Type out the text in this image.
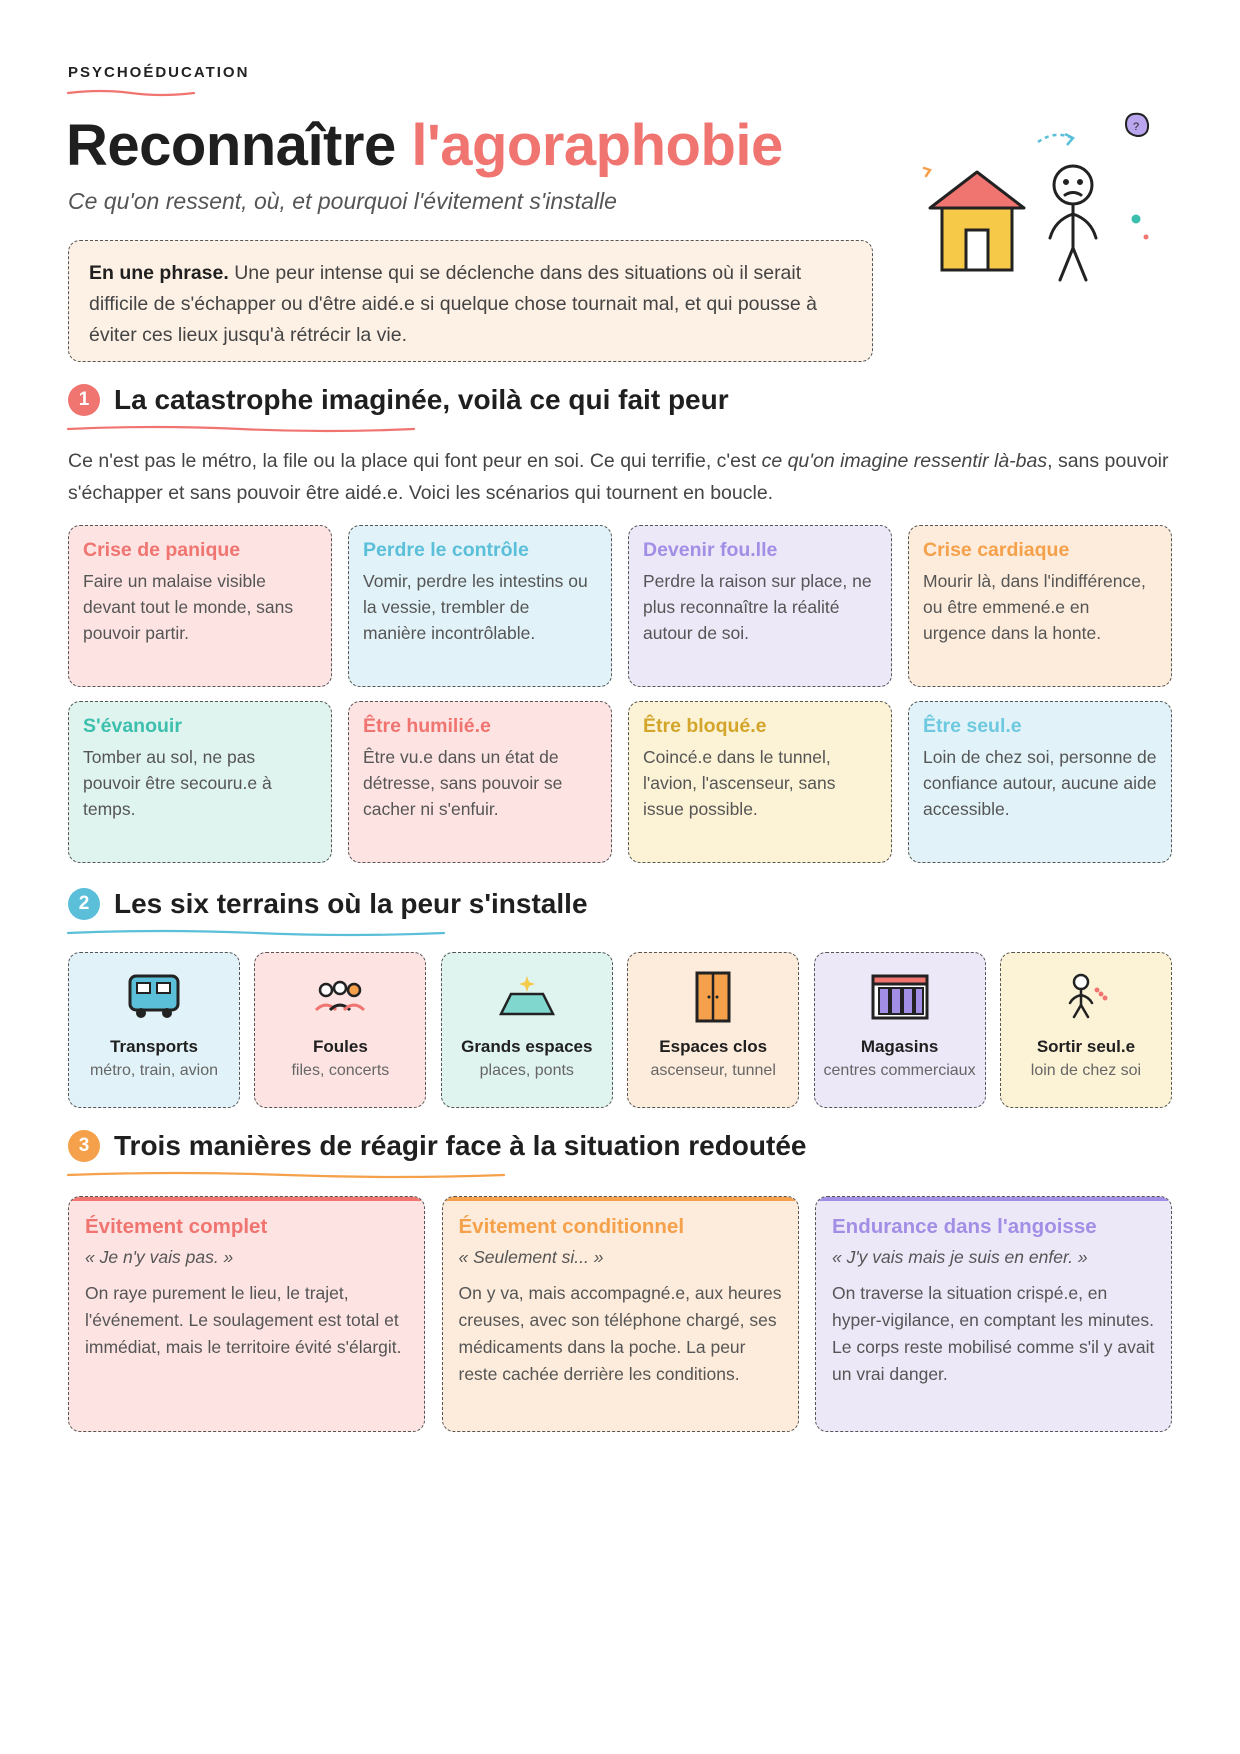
PSYCHOÉDUCATION
Reconnaître l'agoraphobie
Ce qu'on ressent, où, et pourquoi l'évitement s'installe
En une phrase. Une peur intense qui se déclenche dans des situations où il serait difficile de s'échapper ou d'être aidé.e si quelque chose tournait mal, et qui pousse à éviter ces lieux jusqu'à rétrécir la vie.
?
1 La catastrophe imaginée, voilà ce qui fait peur

Ce n'est pas le métro, la file ou la place qui font peur en soi. Ce qui terrifie, c'est ce qu'on imagine ressentir là-bas, sans pouvoir s'échapper et sans pouvoir être aidé.e. Voici les scénarios qui tournent en boucle.

Crise de panique

Faire un malaise visible devant tout le monde, sans pouvoir partir.

Perdre le contrôle

Vomir, perdre les intestins ou la vessie, trembler de manière incontrôlable.

Devenir fou.lle

Perdre la raison sur place, ne plus reconnaître la réalité autour de soi.

Crise cardiaque

Mourir là, dans l'indifférence, ou être emmené.e en urgence dans la honte.

S'évanouir

Tomber au sol, ne pas pouvoir être secouru.e à temps.

Être humilié.e

Être vu.e dans un état de détresse, sans pouvoir se cacher ni s'enfuir.

Être bloqué.e

Coincé.e dans le tunnel, l'avion, l'ascenseur, sans issue possible.

Être seul.e

Loin de chez soi, personne de confiance autour, aucune aide accessible.

2 Les six terrains où la peur s'installe
Transports
métro, train, avion
Foules
files, concerts
Grands espaces
places, ponts
Espaces clos
ascenseur, tunnel
Magasins
centres commerciaux
Sortir seul.e
loin de chez soi
3 Trois manières de réagir face à la situation redoutée
Évitement complet
« Je n'y vais pas. »

On raye purement le lieu, le trajet, l'événement. Le soulagement est total et immédiat, mais le territoire évité s'élargit.

Évitement conditionnel
« Seulement si... »

On y va, mais accompagné.e, aux heures creuses, avec son téléphone chargé, ses médicaments dans la poche. La peur reste cachée derrière les conditions.

Endurance dans l'angoisse
« J'y vais mais je suis en enfer. »

On traverse la situation crispé.e, en hyper-vigilance, en comptant les minutes. Le corps reste mobilisé comme s'il y avait un vrai danger.
